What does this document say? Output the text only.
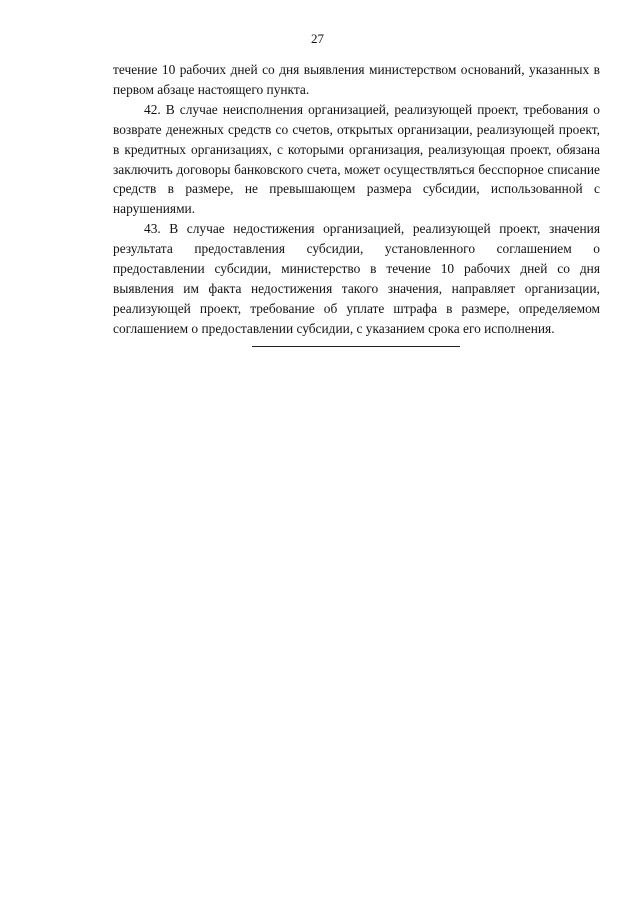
27

течение 10 рабочих дней со дня выявления министерством оснований, указанных в первом абзаце настоящего пункта.

42. В случае неисполнения организацией, реализующей проект, требования о возврате денежных средств со счетов, открытых организации, реализующей проект, в кредитных организациях, с которыми организация, реализующая проект, обязана заключить договоры банковского счета, может осуществляться бесспорное списание средств в размере, не превышающем размера субсидии, использованной с нарушениями.

43. В случае недостижения организацией, реализующей проект, значения результата предоставления субсидии, установленного соглашением о предоставлении субсидии, министерство в течение 10 рабочих дней со дня выявления им факта недостижения такого значения, направляет организации, реализующей проект, требование об уплате штрафа в размере, определяемом соглашением о предоставлении субсидии, с указанием срока его исполнения.
